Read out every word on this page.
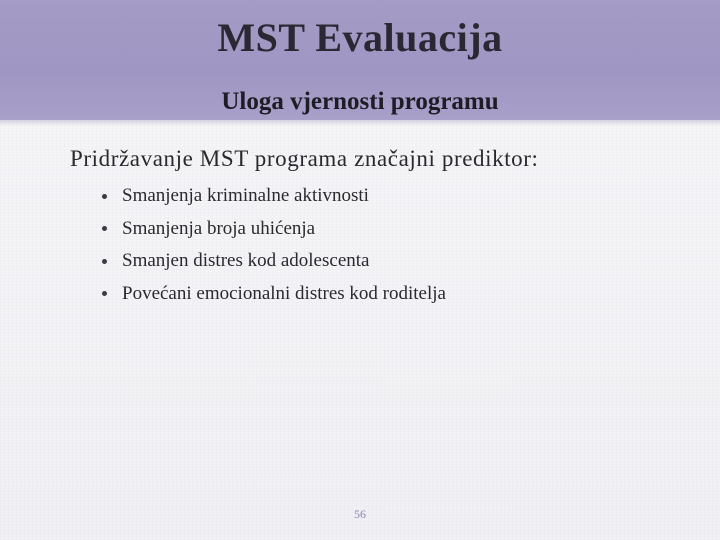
MST Evaluacija
Uloga vjernosti programu
Pridržavanje MST programa značajni prediktor:
Smanjenja kriminalne aktivnosti
Smanjenja broja uhićenja
Smanjen distres kod adolescenta
Povećani emocionalni distres kod roditelja
56
